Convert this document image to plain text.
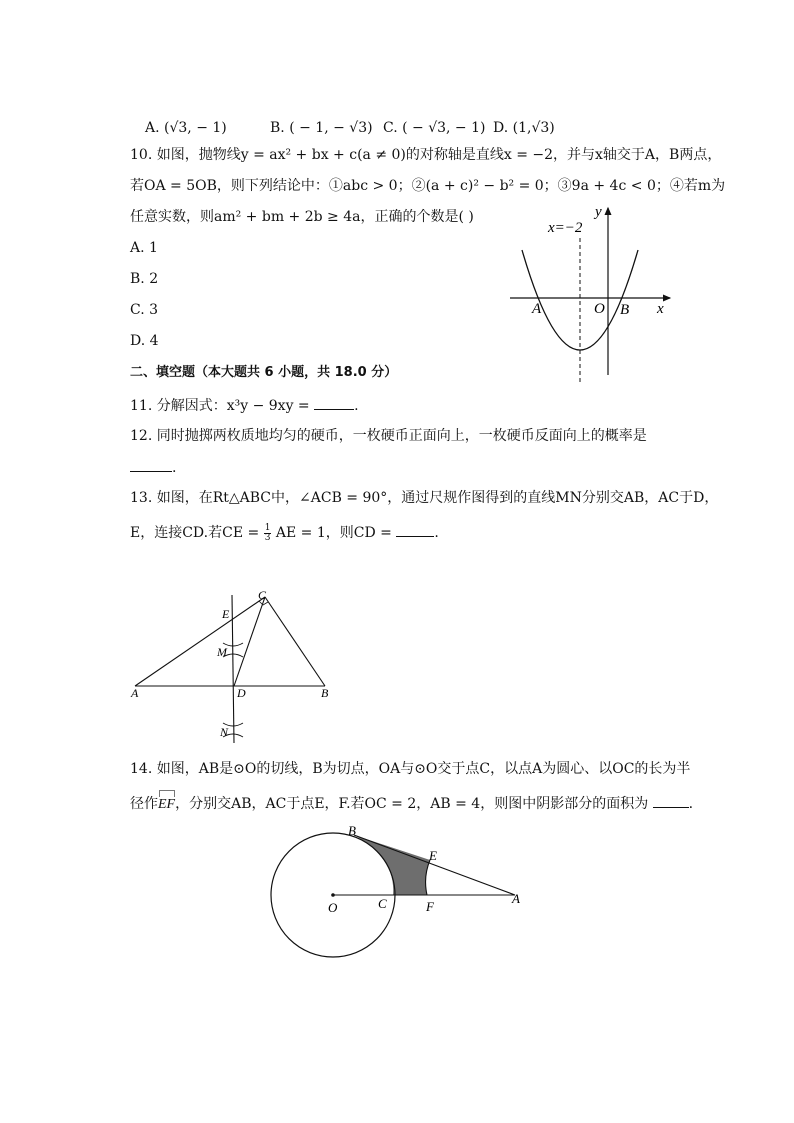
A. (√3, − 1)	B. ( − 1, − √3) C. ( − √3, − 1) D. (1,√3)
10. 如图，抛物线y = ax² + bx + c(a ≠ 0)的对称轴是直线x = −2，并与x轴交于A，B两点，
若OA = 5OB，则下列结论中：①abc > 0；②(a + c)² − b² = 0；③9a + 4c < 0；④若m为
任意实数，则am² + bm + 2b ≥ 4a，正确的个数是( )
A. 1
B. 2
C. 3
D. 4
x=−2
y
x
A	O B
二、填空题（本大题共 6 小题，共 18.0 分）
11. 分解因式：x³y − 9xy =	.
12. 同时抛掷两枚质地均匀的硬币，一枚硬币正面向上，一枚硬币反面向上的概率是
.
13. 如图，在Rt△ABC中，∠ACB = 90°，通过尺规作图得到的直线MN分别交AB，AC于D，
E，连接CD.若CE = $\frac{1}{3}$ AE = 1，则CD =	.
A	B
C
D
E
M
N
14. 如图，AB是⊙O的切线，B为切点，OA与⊙O交于点C，以点A为圆心、以OC的长为半
径作
EF，分别交AB，AC于点E，F.若OC = 2，AB = 4，则图中阴影部分的面积为	.
O	C
B
E
F
A
